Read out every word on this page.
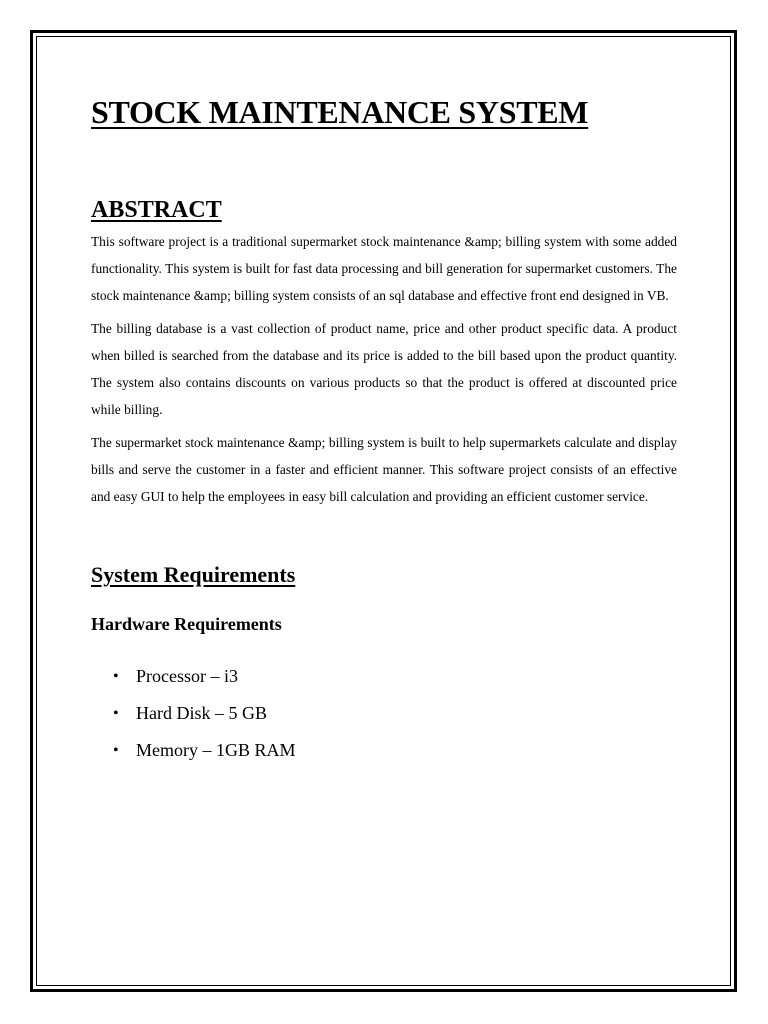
STOCK MAINTENANCE SYSTEM
ABSTRACT

This software project is a traditional supermarket stock maintenance &amp; billing system with some added functionality. This system is built for fast data processing and bill generation for supermarket customers. The stock maintenance &amp; billing system consists of an sql database and effective front end designed in VB.

The billing database is a vast collection of product name, price and other product specific data. A product when billed is searched from the database and its price is added to the bill based upon the product quantity. The system also contains discounts on various products so that the product is offered at discounted price while billing.

The supermarket stock maintenance &amp; billing system is built to help supermarkets calculate and display bills and serve the customer in a faster and efficient manner. This software project consists of an effective and easy GUI to help the employees in easy bill calculation and providing an efficient customer service.

System Requirements
Hardware Requirements
• Processor – i3
• Hard Disk – 5 GB
• Memory – 1GB RAM
